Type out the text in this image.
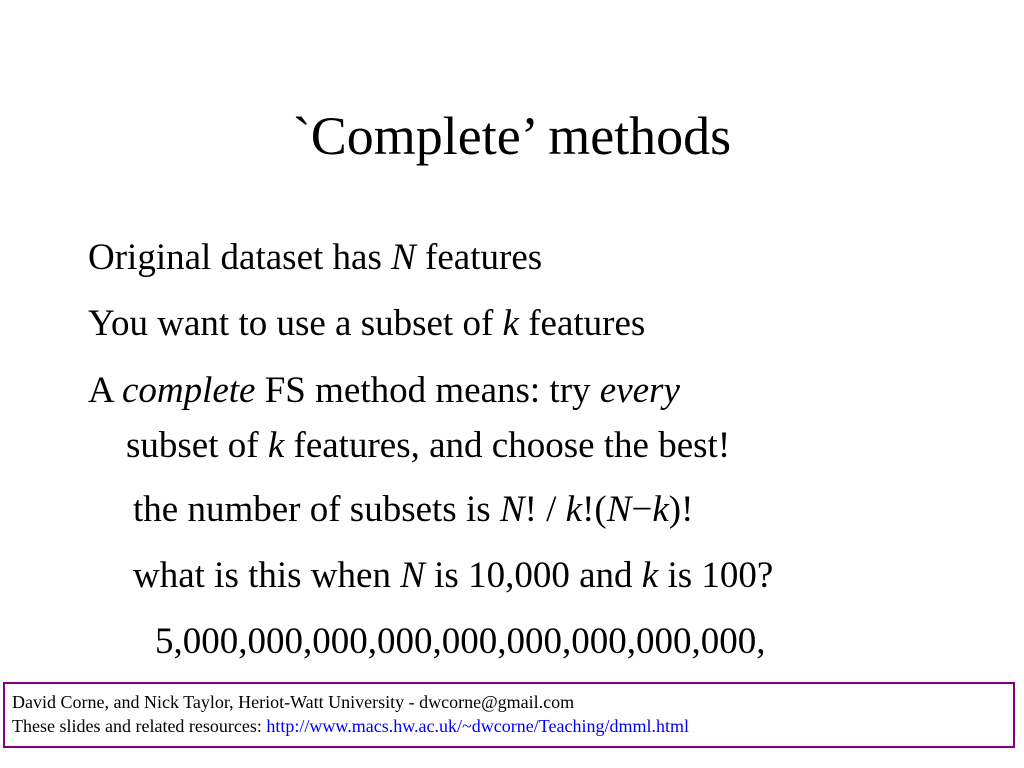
`Complete’ methods
Original dataset has N features
You want to use a subset of k features
A complete FS method means: try every
subset of k features, and choose the best!
the number of subsets is N! / k!(N−k)!
what is this when N is 10,000 and k is 100?
5,000,000,000,000,000,000,000,000,000,
David Corne, and Nick Taylor, Heriot-Watt University - dwcorne@gmail.com
These slides and related resources: http://www.macs.hw.ac.uk/~dwcorne/Teaching/dmml.html
